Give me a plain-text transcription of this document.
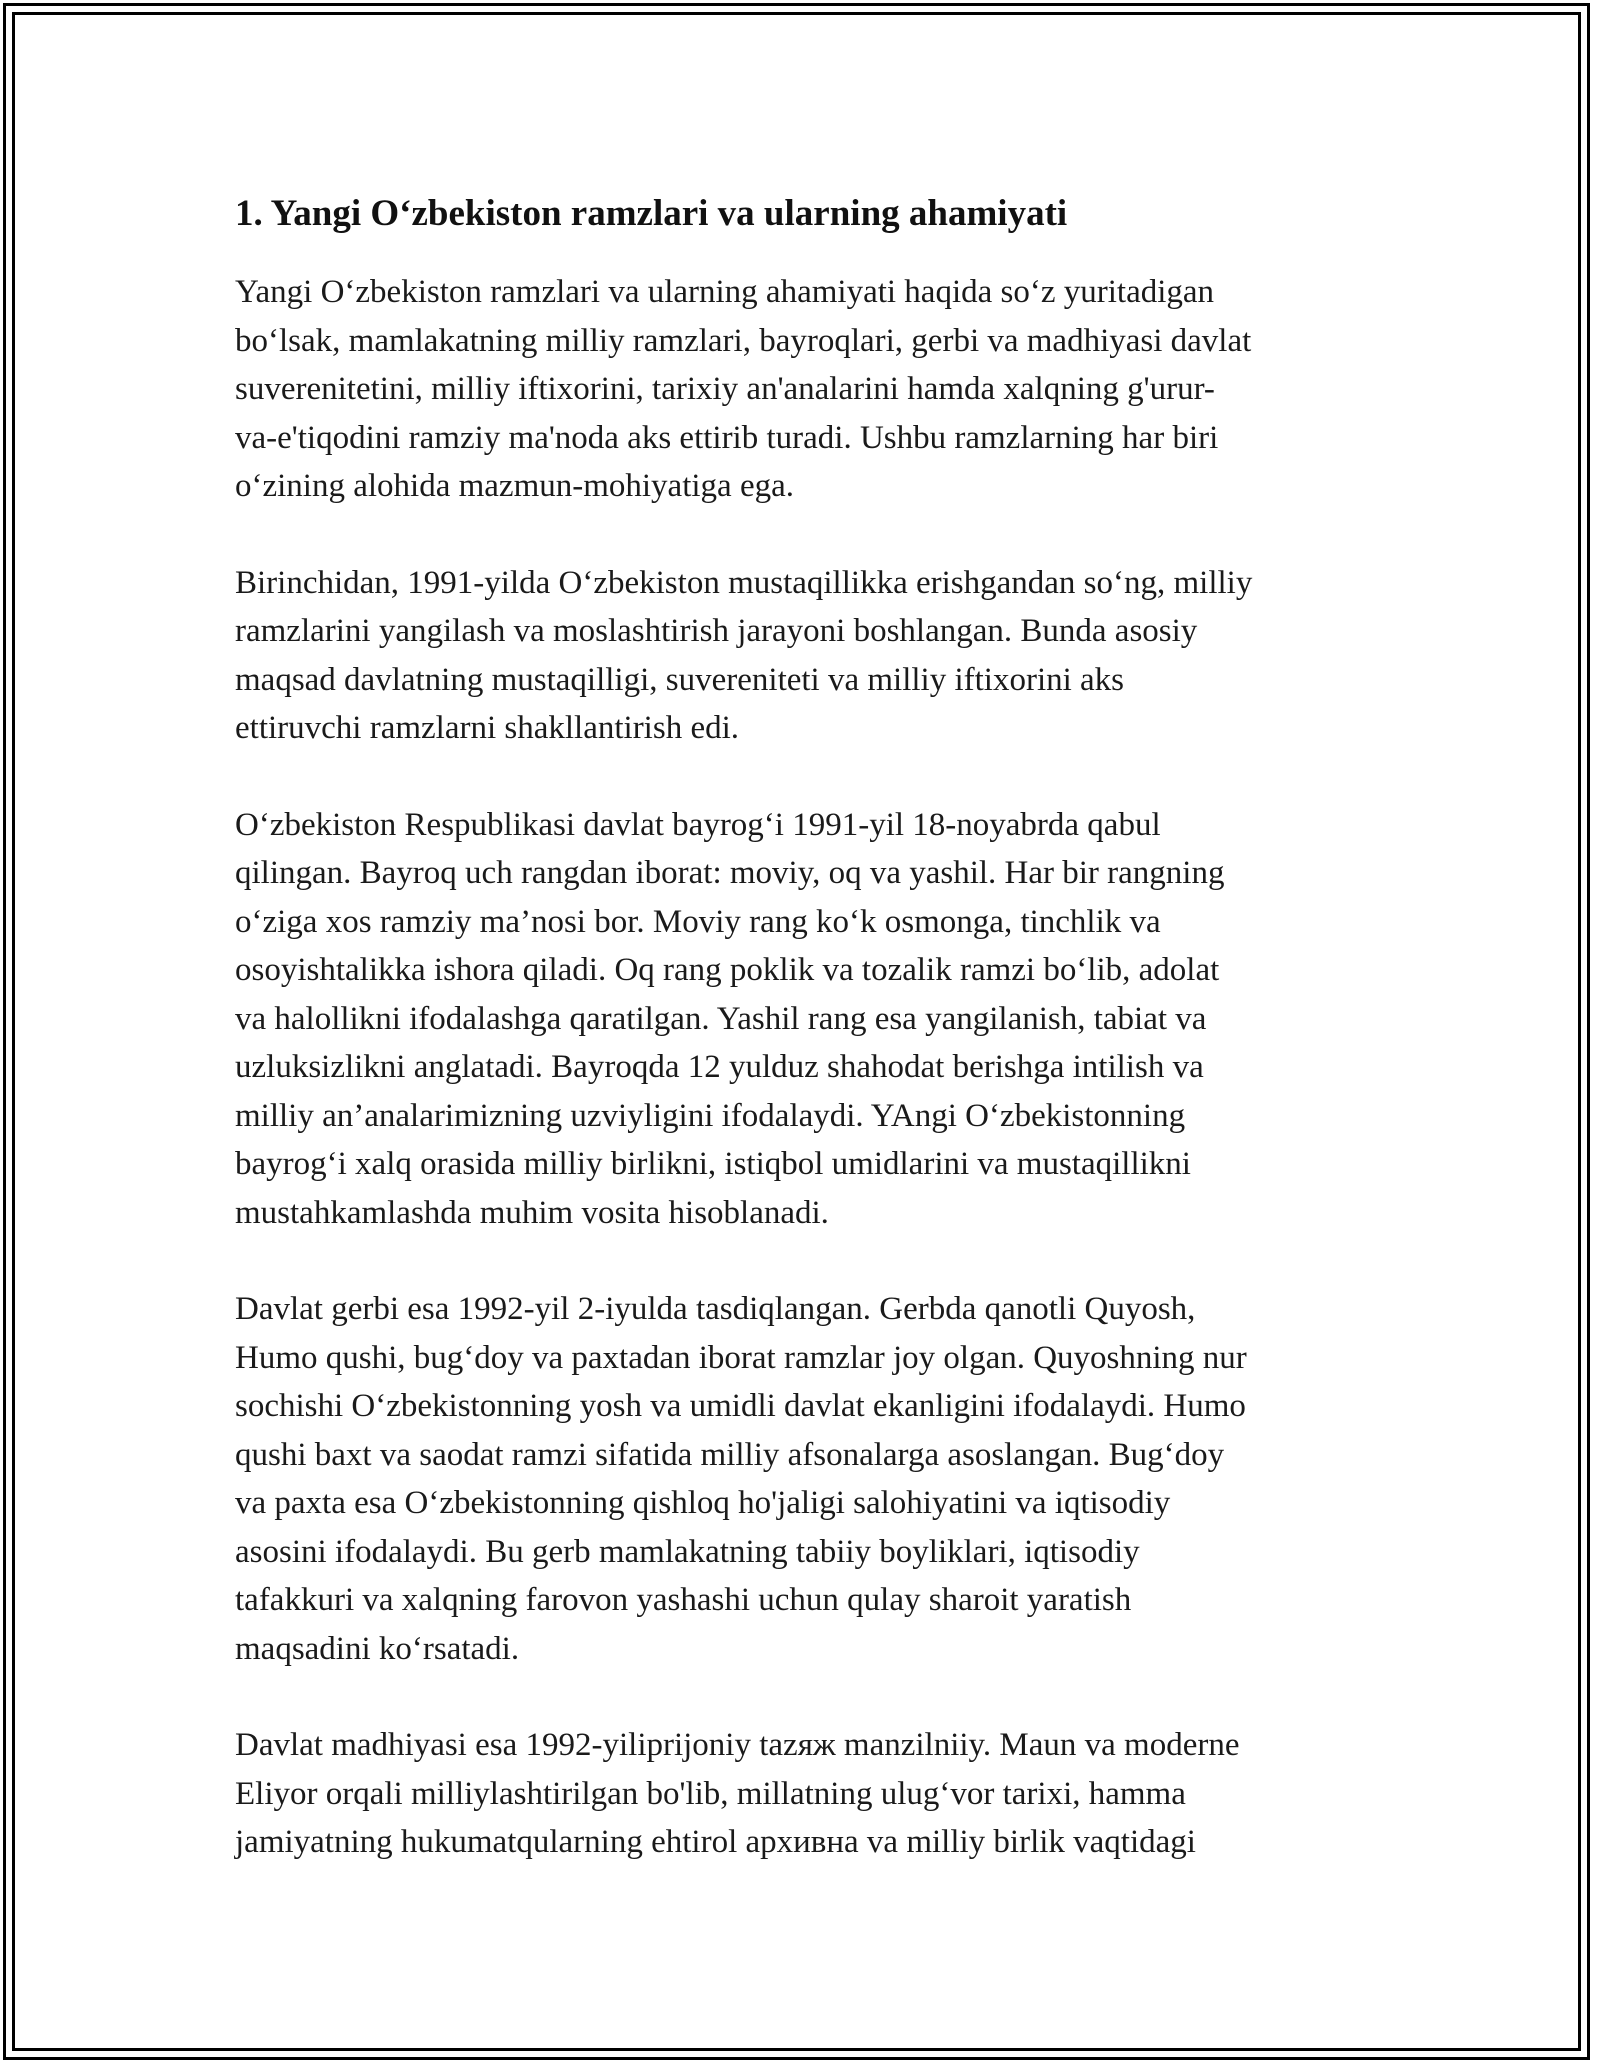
1. Yangi O‘zbekiston ramzlari va ularning ahamiyati

Yangi O‘zbekiston ramzlari va ularning ahamiyati haqida so‘z yuritadigan
bo‘lsak, mamlakatning milliy ramzlari, bayroqlari, gerbi va madhiyasi davlat
suverenitetini, milliy iftixorini, tarixiy an'analarini hamda xalqning g'urur-
va-e'tiqodini ramziy ma'noda aks ettirib turadi. Ushbu ramzlarning har biri
o‘zining alohida mazmun-mohiyatiga ega.

Birinchidan, 1991-yilda O‘zbekiston mustaqillikka erishgandan so‘ng, milliy
ramzlarini yangilash va moslashtirish jarayoni boshlangan. Bunda asosiy
maqsad davlatning mustaqilligi, suvereniteti va milliy iftixorini aks
ettiruvchi ramzlarni shakllantirish edi.

O‘zbekiston Respublikasi davlat bayrog‘i 1991-yil 18-noyabrda qabul
qilingan. Bayroq uch rangdan iborat: moviy, oq va yashil. Har bir rangning
o‘ziga xos ramziy ma’nosi bor. Moviy rang ko‘k osmonga, tinchlik va
osoyishtalikka ishora qiladi. Oq rang poklik va tozalik ramzi bo‘lib, adolat
va halollikni ifodalashga qaratilgan. Yashil rang esa yangilanish, tabiat va
uzluksizlikni anglatadi. Bayroqda 12 yulduz shahodat berishga intilish va
milliy an’analarimizning uzviyligini ifodalaydi. YAngi O‘zbekistonning
bayrog‘i xalq orasida milliy birlikni, istiqbol umidlarini va mustaqillikni
mustahkamlashda muhim vosita hisoblanadi.

Davlat gerbi esa 1992-yil 2-iyulda tasdiqlangan. Gerbda qanotli Quyosh,
Humo qushi, bug‘doy va paxtadan iborat ramzlar joy olgan. Quyoshning nur
sochishi O‘zbekistonning yosh va umidli davlat ekanligini ifodalaydi. Humo
qushi baxt va saodat ramzi sifatida milliy afsonalarga asoslangan. Bug‘doy
va paxta esa O‘zbekistonning qishloq ho'jaligi salohiyatini va iqtisodiy
asosini ifodalaydi. Bu gerb mamlakatning tabiiy boyliklari, iqtisodiy
tafakkuri va xalqning farovon yashashi uchun qulay sharoit yaratish
maqsadini ko‘rsatadi.

Davlat madhiyasi esa 1992-yiliprijoniy tazяж manzilniiy. Maun va moderne
Eliyor orqali milliylashtirilgan bo'lib, millatning ulug‘vor tarixi, hamma
jamiyatning hukumatqularning ehtirol архивна va milliy birlik vaqtidagi
